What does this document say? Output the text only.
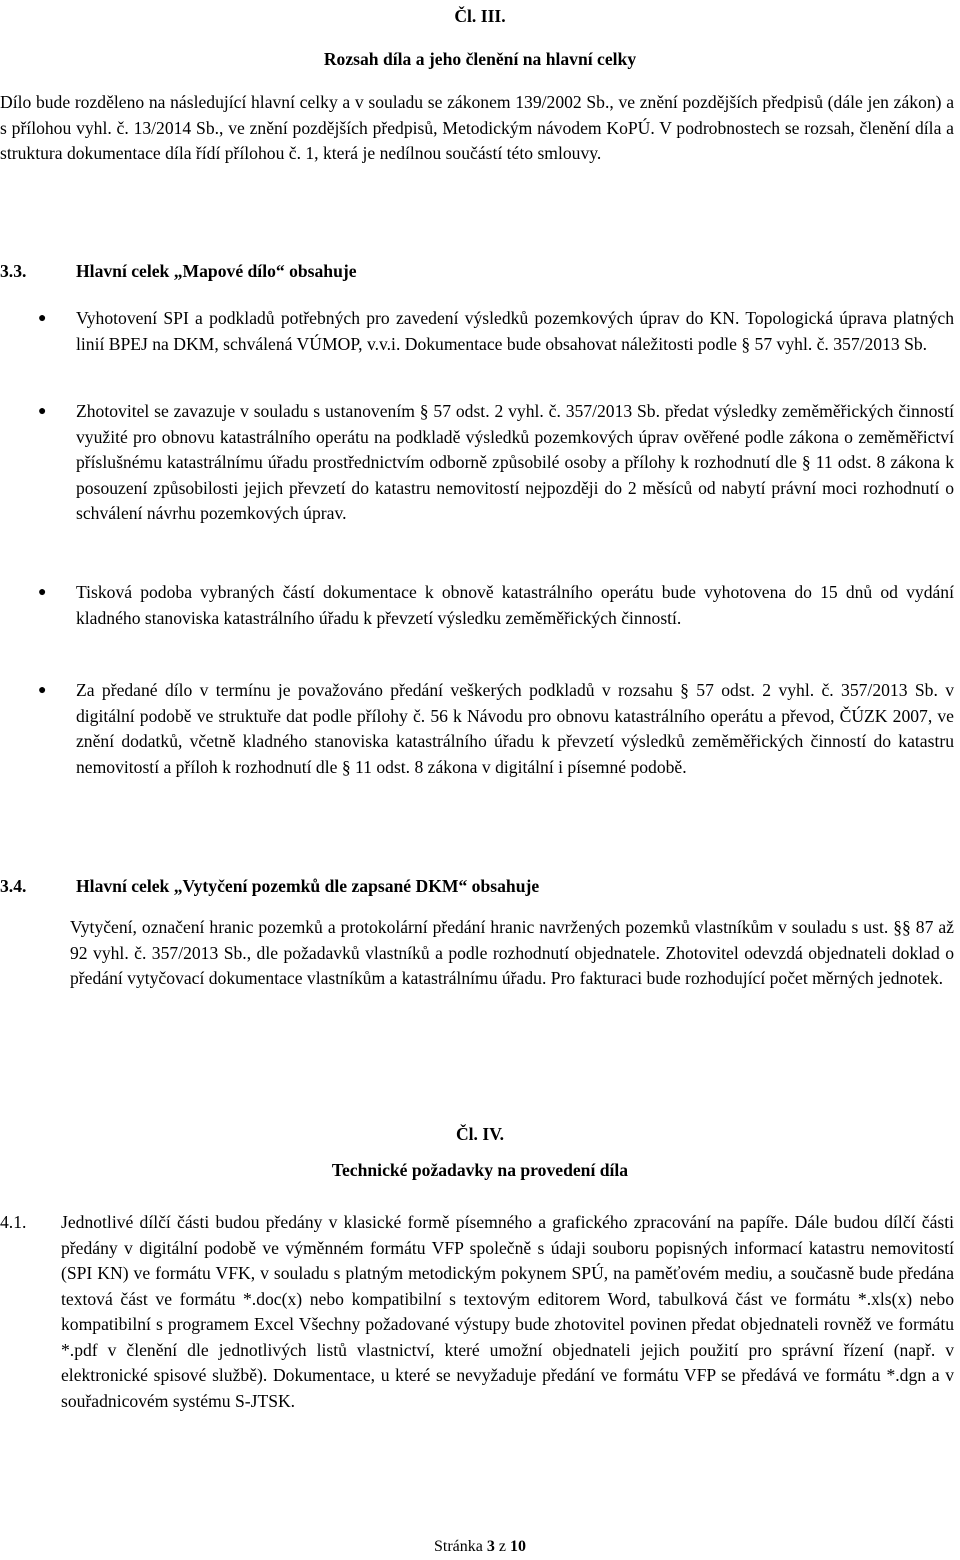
Čl. III.

Rozsah díla a jeho členění na hlavní celky

Dílo bude rozděleno na následující hlavní celky a v souladu se zákonem 139/2002 Sb., ve znění pozdějších předpisů (dále jen zákon) a s přílohou vyhl. č. 13/2014 Sb., ve znění pozdějších předpisů, Metodickým návodem KoPÚ. V podrobnostech se rozsah, členění díla a struktura dokumentace díla řídí přílohou č. 1, která je nedílnou součástí této smlouvy.

3.3.	Hlavní celek „Mapové dílo“ obsahuje
● Vyhotovení SPI a podkladů potřebných pro zavedení výsledků pozemkových úprav do KN. Topologická úprava platných linií BPEJ na DKM, schválená VÚMOP, v.v.i. Dokumentace bude obsahovat náležitosti podle § 57 vyhl. č. 357/2013 Sb.

● Zhotovitel se zavazuje v souladu s ustanovením § 57 odst. 2 vyhl. č. 357/2013 Sb. předat výsledky zeměměřických činností využité pro obnovu katastrálního operátu na podkladě výsledků pozemkových úprav ověřené podle zákona o zeměměřictví příslušnému katastrálnímu úřadu prostřednictvím odborně způsobilé osoby a přílohy k rozhodnutí dle § 11 odst. 8 zákona k posouzení způsobilosti jejich převzetí do katastru nemovitostí nejpozději do 2 měsíců od nabytí právní moci rozhodnutí o schválení návrhu pozemkových úprav.

● Tisková podoba vybraných částí dokumentace k obnově katastrálního operátu bude vyhotovena do 15 dnů od vydání kladného stanoviska katastrálního úřadu k převzetí výsledku zeměměřických činností.

● Za předané dílo v termínu je považováno předání veškerých podkladů v rozsahu § 57 odst. 2 vyhl. č. 357/2013 Sb. v digitální podobě ve struktuře dat podle přílohy č. 56 k Návodu pro obnovu katastrálního operátu a převod, ČÚZK 2007, ve znění dodatků, včetně kladného stanoviska katastrálního úřadu k převzetí výsledků zeměměřických činností do katastru nemovitostí a příloh k rozhodnutí dle § 11 odst. 8 zákona v digitální i písemné podobě.

3.4.	Hlavní celek „Vytyčení pozemků dle zapsané DKM“ obsahuje

Vytyčení, označení hranic pozemků a protokolární předání hranic navržených pozemků vlastníkům v souladu s ust. §§ 87 až 92 vyhl. č. 357/2013 Sb., dle požadavků vlastníků a podle rozhodnutí objednatele. Zhotovitel odevzdá objednateli doklad o předání vytyčovací dokumentace vlastníkům a katastrálnímu úřadu. Pro fakturaci bude rozhodující počet měrných jednotek.

Čl. IV.

Technické požadavky na provedení díla

4.1. Jednotlivé dílčí části budou předány v klasické formě písemného a grafického zpracování na papíře. Dále budou dílčí části předány v digitální podobě ve výměnném formátu VFP společně s údaji souboru popisných informací katastru nemovitostí (SPI KN) ve formátu VFK, v souladu s platným metodickým pokynem SPÚ, na paměťovém mediu, a současně bude předána textová část ve formátu *.doc(x) nebo kompatibilní s textovým editorem Word, tabulková část ve formátu *.xls(x) nebo kompatibilní s programem Excel Všechny požadované výstupy bude zhotovitel povinen předat objednateli rovněž ve formátu *.pdf v členění dle jednotlivých listů vlastnictví, které umožní objednateli jejich použití pro správní řízení (např. v elektronické spisové službě). Dokumentace, u které se nevyžaduje předání ve formátu VFP se předává ve formátu *.dgn a v souřadnicovém systému S-JTSK.

Stránka 3 z 10
